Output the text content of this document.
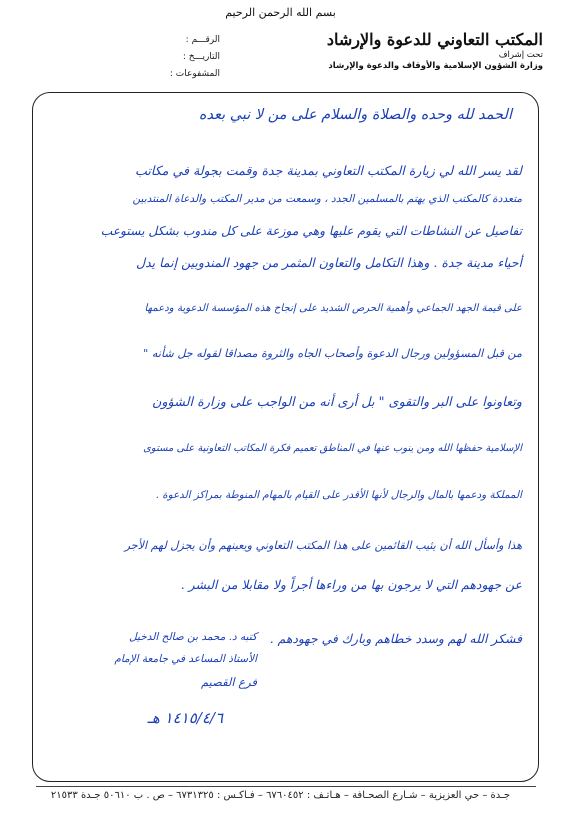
بسم الله الرحمن الرحيم
المكتب التعاوني للدعوة والإرشاد
تحت إشراف
وزارة الشؤون الإسلامية والأوقاف والدعوة والإرشاد
الرقـــم
:
التاريـــخ
:
المشفوعات
:
الحمد لله وحده والصلاة والسلام على من لا نبي بعده
لقد يسر الله لي زيارة المكتب التعاوني بمدينة جدة وقمت بجولة في مكاتب
متعددة كالمكتب الذي يهتم بالمسلمين الجدد ، وسمعت من مدير المكتب والدعاة المنتدبين
تفاصيل عن النشاطات التي يقوم عليها وهي موزعة على كل مندوب بشكل يستوعب
أحياء مدينة جدة . وهذا التكامل والتعاون المثمر من جهود المندوبين إنما يدل
على قيمة الجهد الجماعي وأهمية الحرص الشديد على إنجاح هذه المؤسسة الدعوية ودعمها
من قبل المسؤولين ورجال الدعوة وأصحاب الجاه والثروة مصداقا لقوله جل شأنه "
وتعاونوا على البر والتقوى " بل أرى أنه من الواجب على وزارة الشؤون
الإسلامية حفظها الله ومن ينوب عنها في المناطق تعميم فكرة المكاتب التعاونية على مستوى
المملكة ودعمها بالمال والرجال لأنها الأقدر على القيام بالمهام المنوطة بمراكز الدعوة .
هذا وأسأل الله أن يثيب القائمين على هذا المكتب التعاوني ويعينهم وأن يجزل لهم الأجر
عن جهودهم التي لا يرجون بها من وراءها أجراً ولا مقابلا من البشر .
فشكر الله لهم وسدد خطاهم وبارك في جهودهم .
كتبه د. محمد بن صالح الدخيل
الأستاذ المساعد في جامعة الإمام
فرع القصيم
١٤١٥/٤/٦ هـ
جـدة – حي العزيزية – شـارع الصحـافة – هـاتـف : ٦٧٦٠٤٥٢ – فـاكـس : ٦٧٣١٣٢٥ – ص . ب ٥٠٦١٠ جـدة ٢١٥٣٣
